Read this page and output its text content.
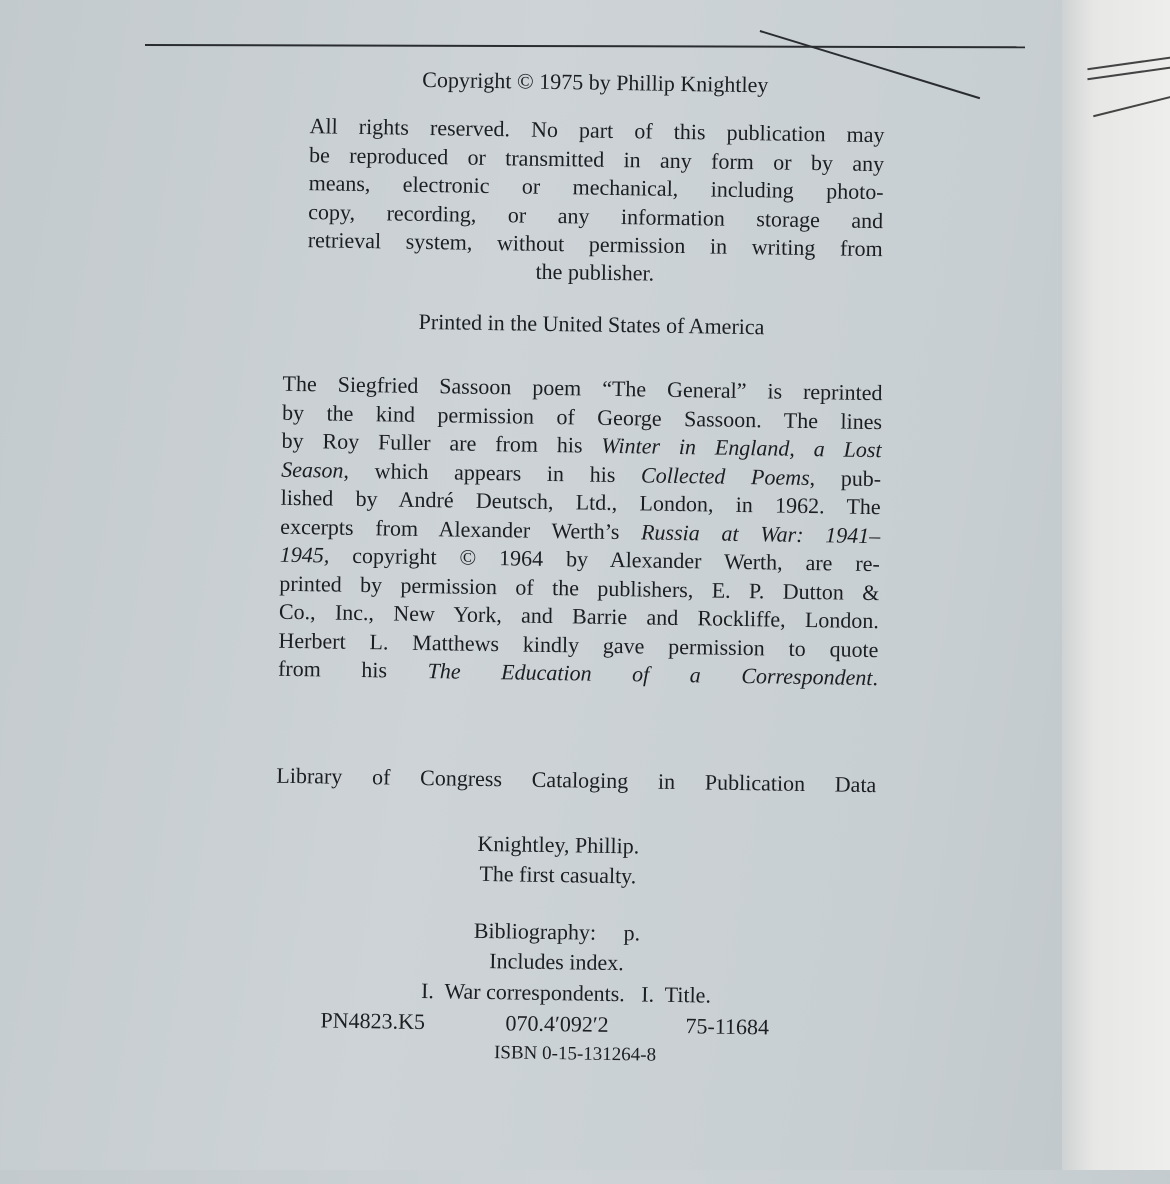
Copyright © 1975 by Phillip Knightley
All rights reserved. No part of this publication may
be reproduced or transmitted in any form or by any
means, electronic or mechanical, including photo-
copy, recording, or any information storage and
retrieval system, without permission in writing from
the publisher.
Printed in the United States of America
The Siegfried Sassoon poem “The General” is reprinted
by the kind permission of George Sassoon. The lines
by Roy Fuller are from his Winter in England, a Lost
Season, which appears in his Collected Poems, pub-
lished by André Deutsch, Ltd., London, in 1962. The
excerpts from Alexander Werth’s Russia at War: 1941–
1945, copyright © 1964 by Alexander Werth, are re-
printed by permission of the publishers, E. P. Dutton &
Co., Inc., New York, and Barrie and Rockliffe, London.
Herbert L. Matthews kindly gave permission to quote
from his The Education of a Correspondent.
Library of Congress Cataloging in Publication Data
Knightley, Phillip.
The first casualty.
Bibliography:     p.
Includes index.
I.  War correspondents.   I.  Title.
PN4823.K5	070.4′092′2	75-11684
ISBN 0-15-131264-8
